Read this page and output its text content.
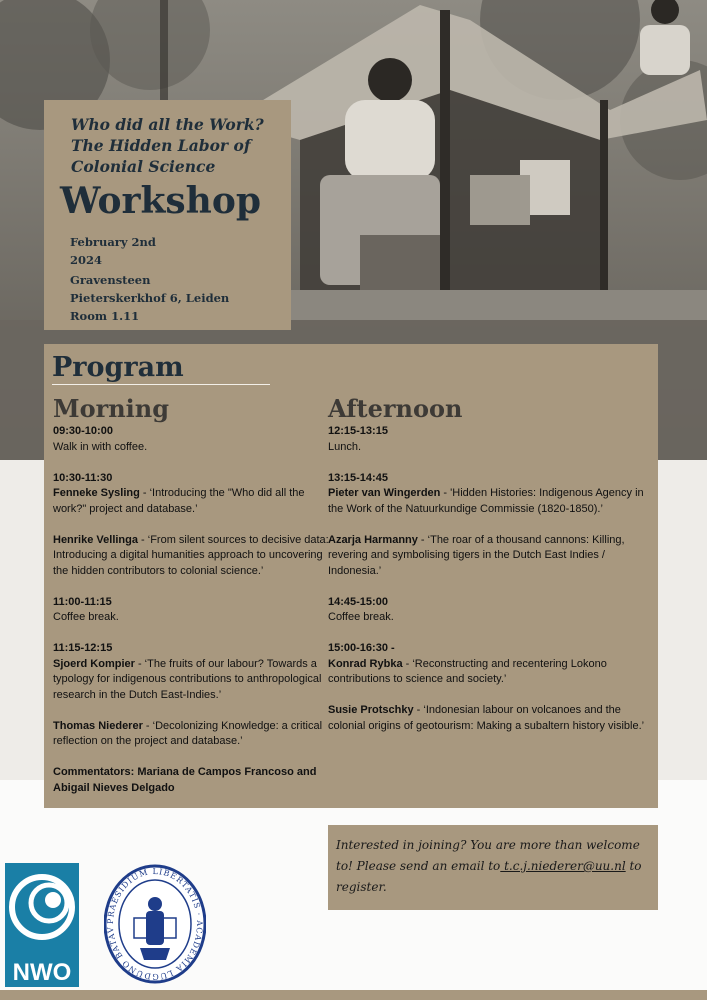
Who did all the Work?
The Hidden Labor of
Colonial Science
Workshop
February 2nd
2024
Gravensteen
Pieterskerkhof 6, Leiden
Room 1.11
Program
Morning
09:30-10:00
Walk in with coffee.
10:30-11:30
Fenneke Sysling - ‘Introducing the "Who did all the work?" project and database.’
Henrike Vellinga - ‘From silent sources to decisive data: Introducing a digital humanities approach to uncovering the hidden contributors to colonial science.’
11:00-11:15
Coffee break.
11:15-12:15
Sjoerd Kompier - ‘The fruits of our labour? Towards a typology for indigenous contributions to anthropological research in the Dutch East-Indies.’
Thomas Niederer - ‘Decolonizing Knowledge: a critical reflection on the project and database.’
Commentators: Mariana de Campos Francoso and Abigail Nieves Delgado
Afternoon
12:15-13:15
Lunch.
13:15-14:45
Pieter van Wingerden - 'Hidden Histories: Indigenous Agency in the Work of the Natuurkundige Commissie (1820-1850).’
Azarja Harmanny - ‘The roar of a thousand cannons: Killing, revering and symbolising tigers in the Dutch East Indies / Indonesia.’
14:45-15:00
Coffee break.
15:00-16:30 -
Konrad Rybka - ‘Reconstructing and recentering Lokono contributions to science and society.’
Susie Protschky - ‘Indonesian labour on volcanoes and the colonial origins of geotourism: Making a subaltern history visible.’
Interested in joining? You are more than welcome to! Please send an email to t.c.j.niederer@uu.nl to register.
NWO
PRAESIDIUM LIBERTATIS · ACADEMIA LUGDUNO BATAV
